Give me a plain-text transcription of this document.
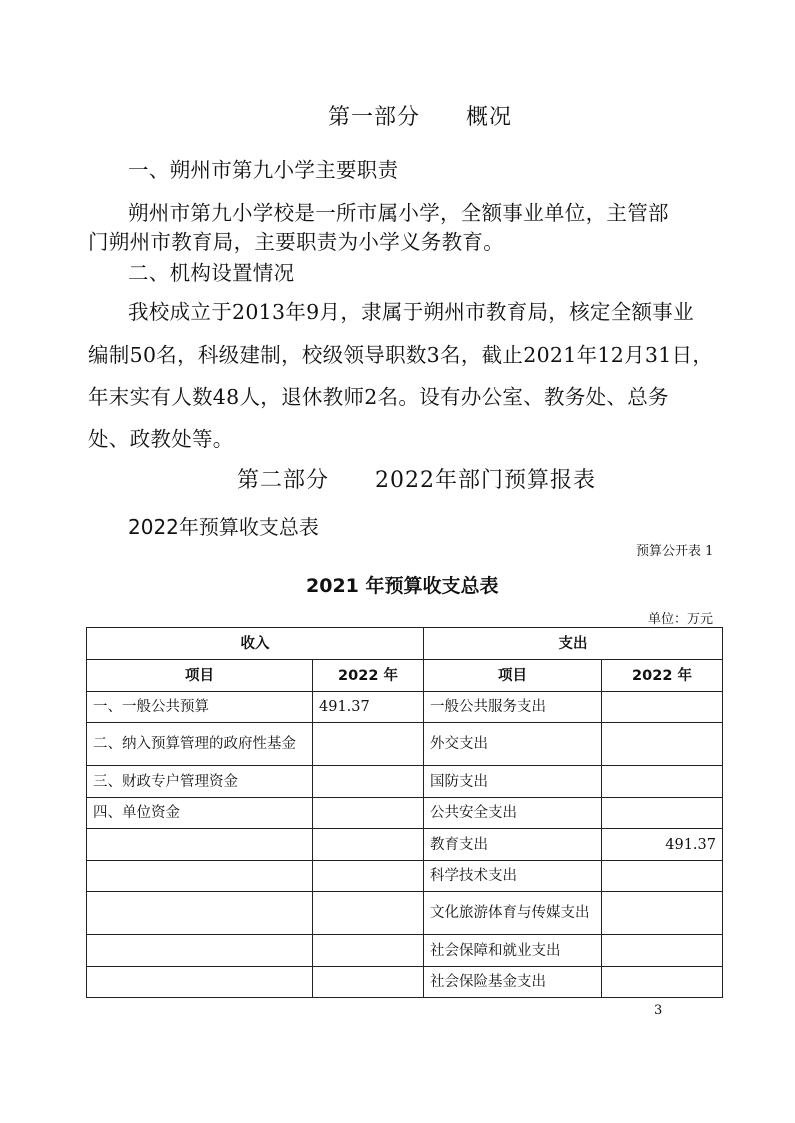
第一部分　　概况
一、朔州市第九小学主要职责
朔州市第九小学校是一所市属小学，全额事业单位，主管部
门朔州市教育局，主要职责为小学义务教育。
二、机构设置情况
我校成立于2013年9月，隶属于朔州市教育局，核定全额事业
编制50名，科级建制，校级领导职数3名，截止2021年12月31日，
年末实有人数48人，退休教师2名。设有办公室、教务处、总务
处、政教处等。
第二部分　　2022年部门预算报表
2022年预算收支总表
预算公开表 1
2021 年预算收支总表
单位：万元
收入		支出	
项目	2022 年	项目	2022 年
一、一般公共预算	491.37	一般公共服务支出	
二、纳入预算管理的政府性基金		外交支出	
三、财政专户管理资金		国防支出	
四、单位资金		公共安全支出	
		教育支出	491.37
		科学技术支出	
		文化旅游体育与传媒支出	
		社会保障和就业支出	
		社会保险基金支出	
3
